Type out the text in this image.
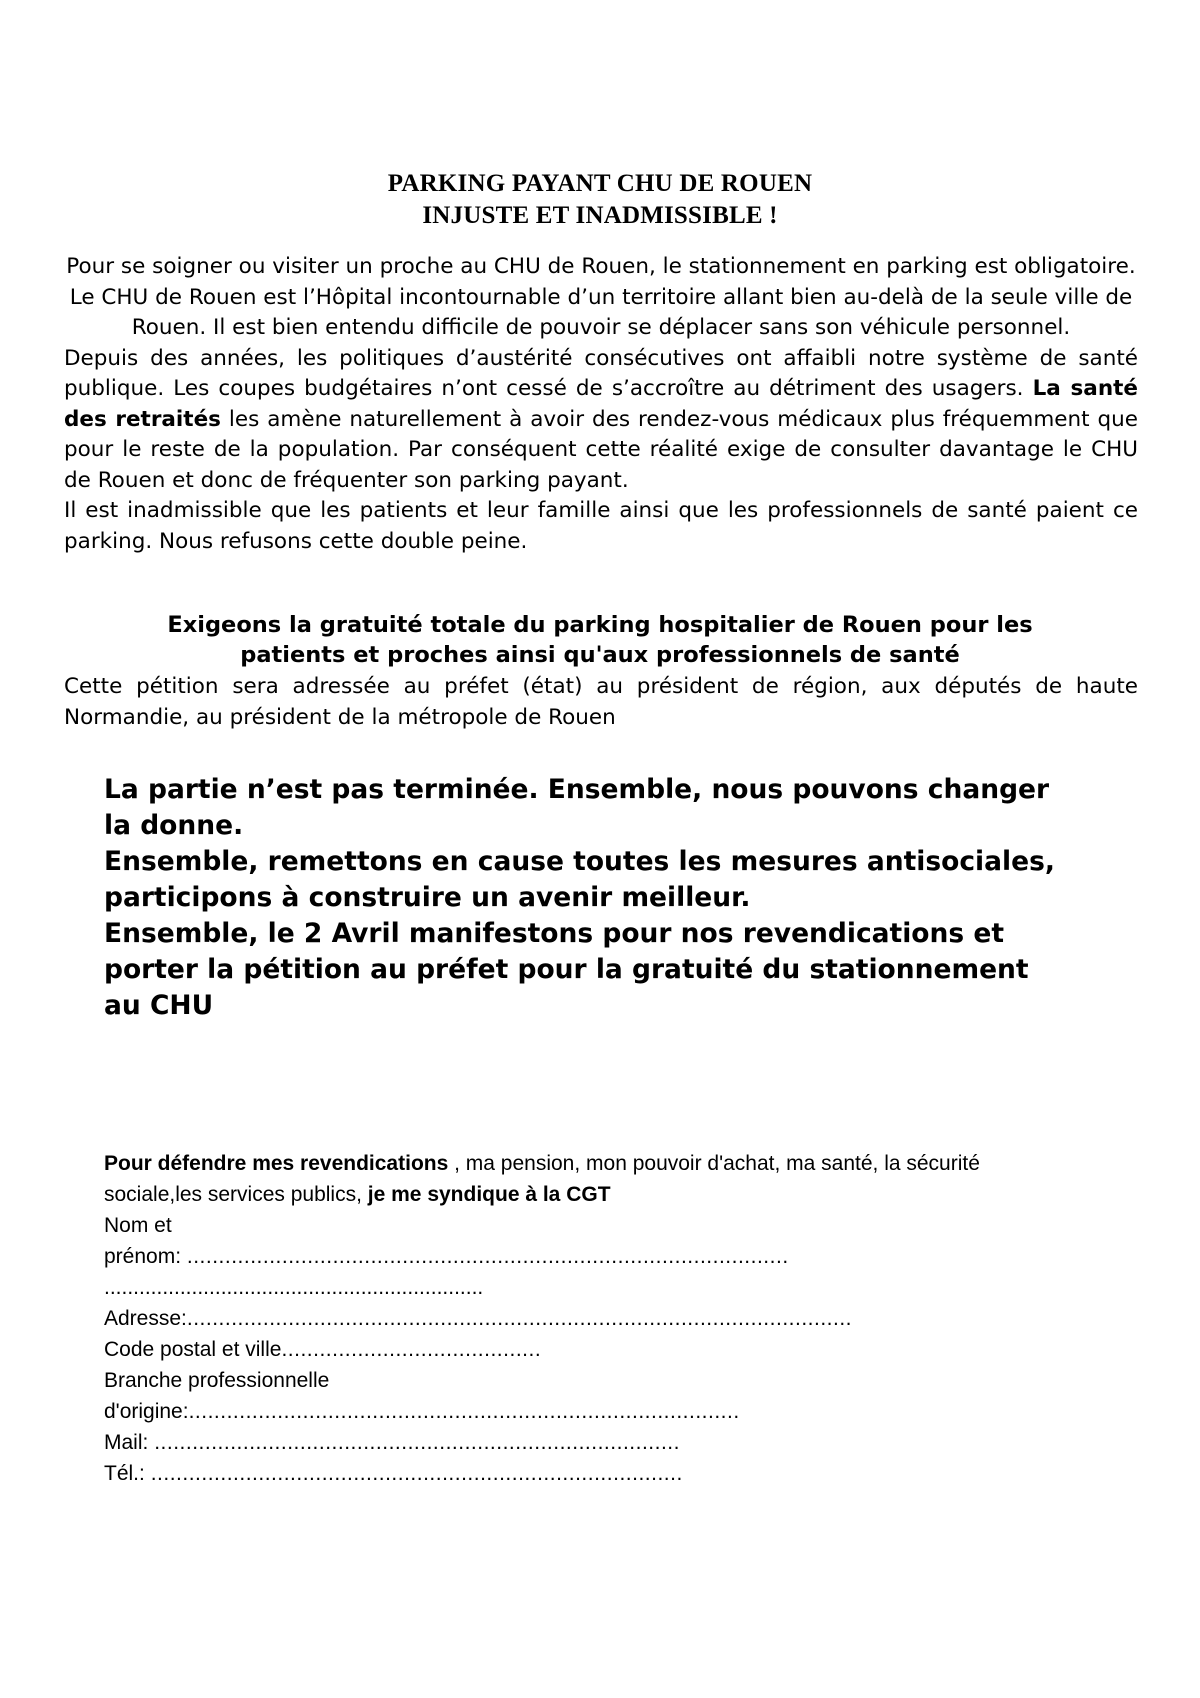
PARKING PAYANT CHU DE ROUEN
INJUSTE ET INADMISSIBLE !

Pour se soigner ou visiter un proche au CHU de Rouen, le stationnement en parking est obligatoire. Le CHU de Rouen est l’Hôpital incontournable d’un territoire allant bien au-delà de la seule ville de Rouen. Il est bien entendu difficile de pouvoir se déplacer sans son véhicule personnel.

Depuis des années, les politiques d’austérité consécutives ont affaibli notre système de santé publique. Les coupes budgétaires n’ont cessé de s’accroître au détriment des usagers. La santé des retraités les amène naturellement à avoir des rendez-vous médicaux plus fréquemment que pour le reste de la population. Par conséquent cette réalité exige de consulter davantage le CHU de Rouen et donc de fréquenter son parking payant.

Il est inadmissible que les patients et leur famille ainsi que les professionnels de santé paient ce parking. Nous refusons cette double peine.

Exigeons la gratuité totale du parking hospitalier de Rouen pour les patients et proches ainsi qu'aux professionnels de santé
Cette pétition sera adressée au préfet (état) au président de région, aux députés de haute Normandie, au président de la métropole de Rouen

La partie n’est pas terminée. Ensemble, nous pouvons changer la donne.

Ensemble, remettons en cause toutes les mesures antisociales, participons à construire un avenir meilleur.

Ensemble, le 2 Avril manifestons pour nos revendications et porter la pétition au préfet pour la gratuité du stationnement au CHU

Pour défendre mes revendications , ma pension, mon pouvoir d'achat, ma santé, la sécurité sociale,les services publics, je me syndique à la CGT

Nom et
prénom: ...............................................................................................
.................................................................
Adresse:.........................................................................................................
Code postal et ville.........................................
Branche professionnelle
d'origine:.......................................................................................
Mail: ...................................................................................
Tél.: ....................................................................................
